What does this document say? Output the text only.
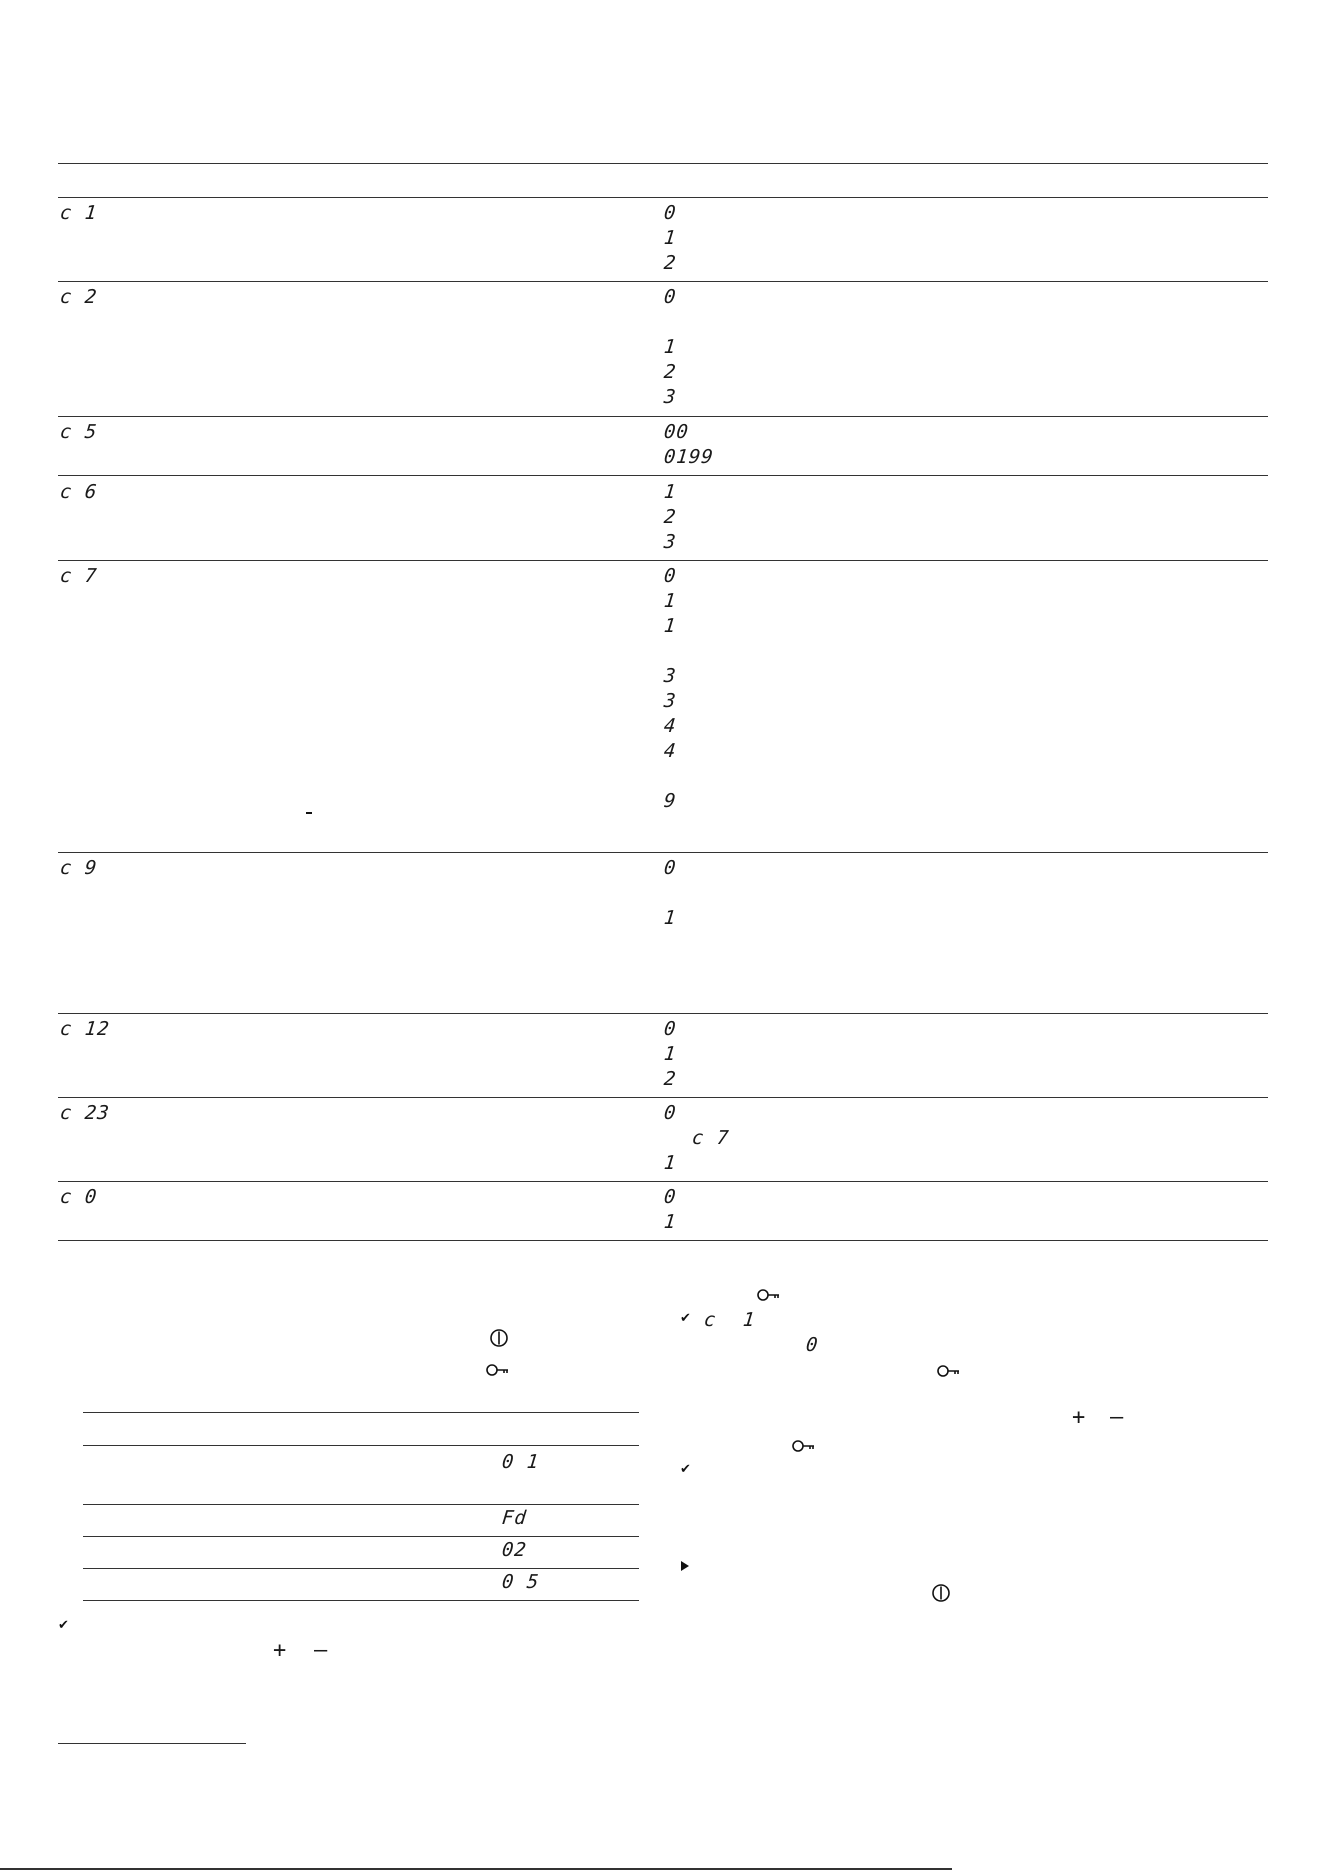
c 1
c 2
c 5
c 6
c 7
c 9
c 12
c 23
c 0
0
1
2
0
1
2
3
00
0199
1
2
3
0
1
1
3
3
4
4
9
0
1
0
1
2
0
c 7
1
0
1
0 1
Fd
02
0 5
✔
+ –
✔ c 1
0
+ –
✔
